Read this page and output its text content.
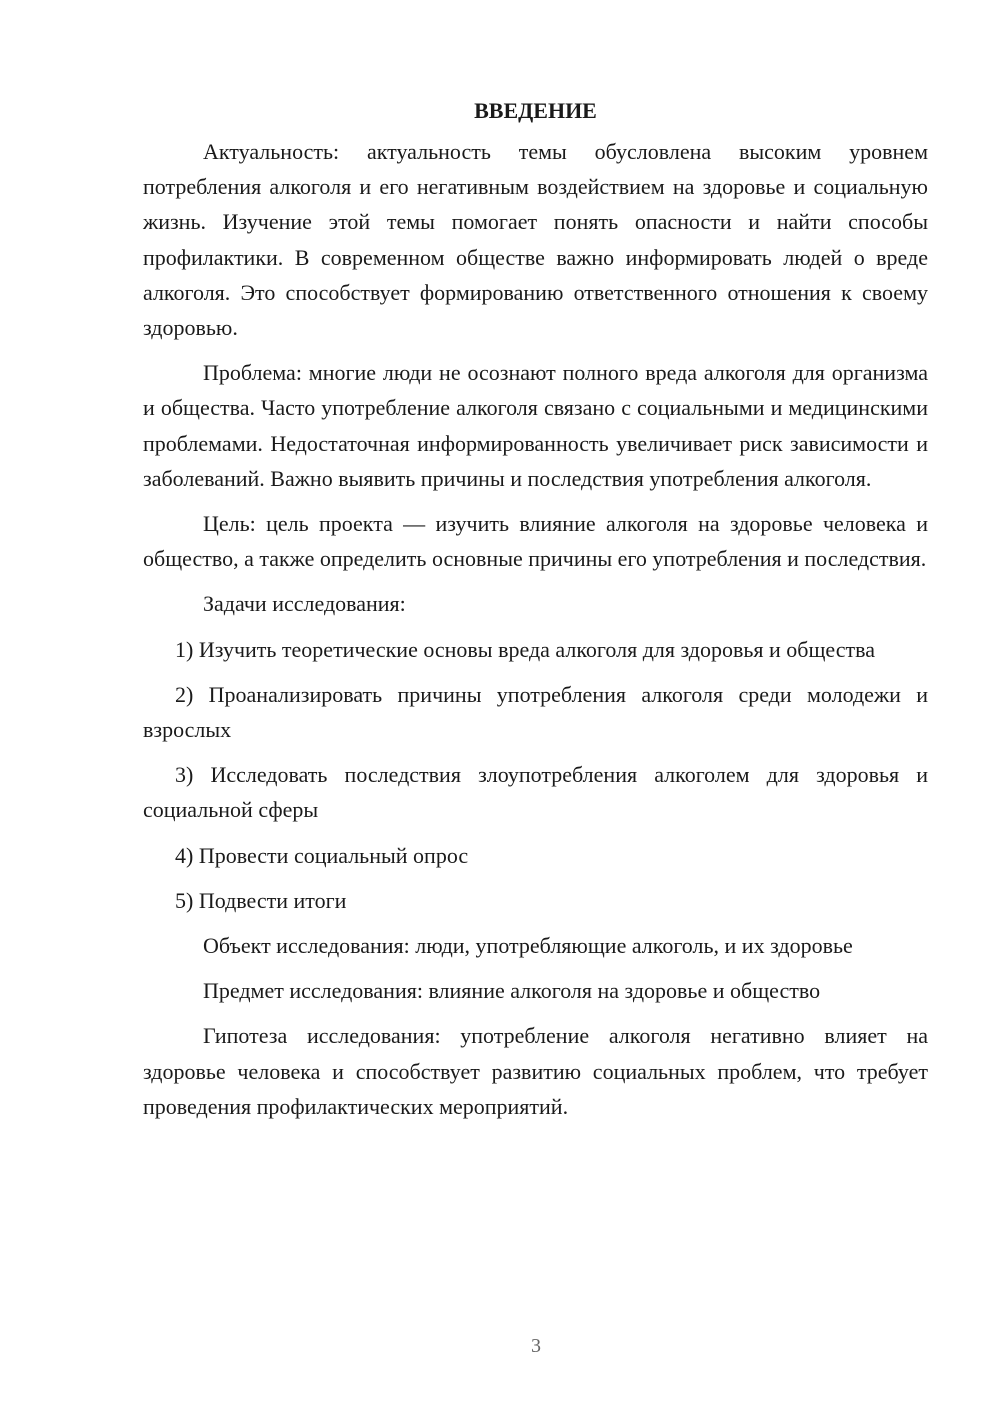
ВВЕДЕНИЕ

Актуальность: актуальность темы обусловлена высоким уровнем потребления алкоголя и его негативным воздействием на здоровье и социальную жизнь. Изучение этой темы помогает понять опасности и найти способы профилактики. В современном обществе важно информировать людей о вреде алкоголя. Это способствует формированию ответственного отношения к своему здоровью.

Проблема: многие люди не осознают полного вреда алкоголя для организма и общества. Часто употребление алкоголя связано с социальными и медицинскими проблемами. Недостаточная информированность увеличивает риск зависимости и заболеваний. Важно выявить причины и последствия употребления алкоголя.

Цель: цель проекта — изучить влияние алкоголя на здоровье человека и общество, а также определить основные причины его употребления и последствия.

Задачи исследования:

1) Изучить теоретические основы вреда алкоголя для здоровья и общества

2) Проанализировать причины употребления алкоголя среди молодежи и взрослых

3) Исследовать последствия злоупотребления алкоголем для здоровья и социальной сферы

4) Провести социальный опрос

5) Подвести итоги

Объект исследования: люди, употребляющие алкоголь, и их здоровье

Предмет исследования: влияние алкоголя на здоровье и общество

Гипотеза исследования: употребление алкоголя негативно влияет на здоровье человека и способствует развитию социальных проблем, что требует проведения профилактических мероприятий.

3
